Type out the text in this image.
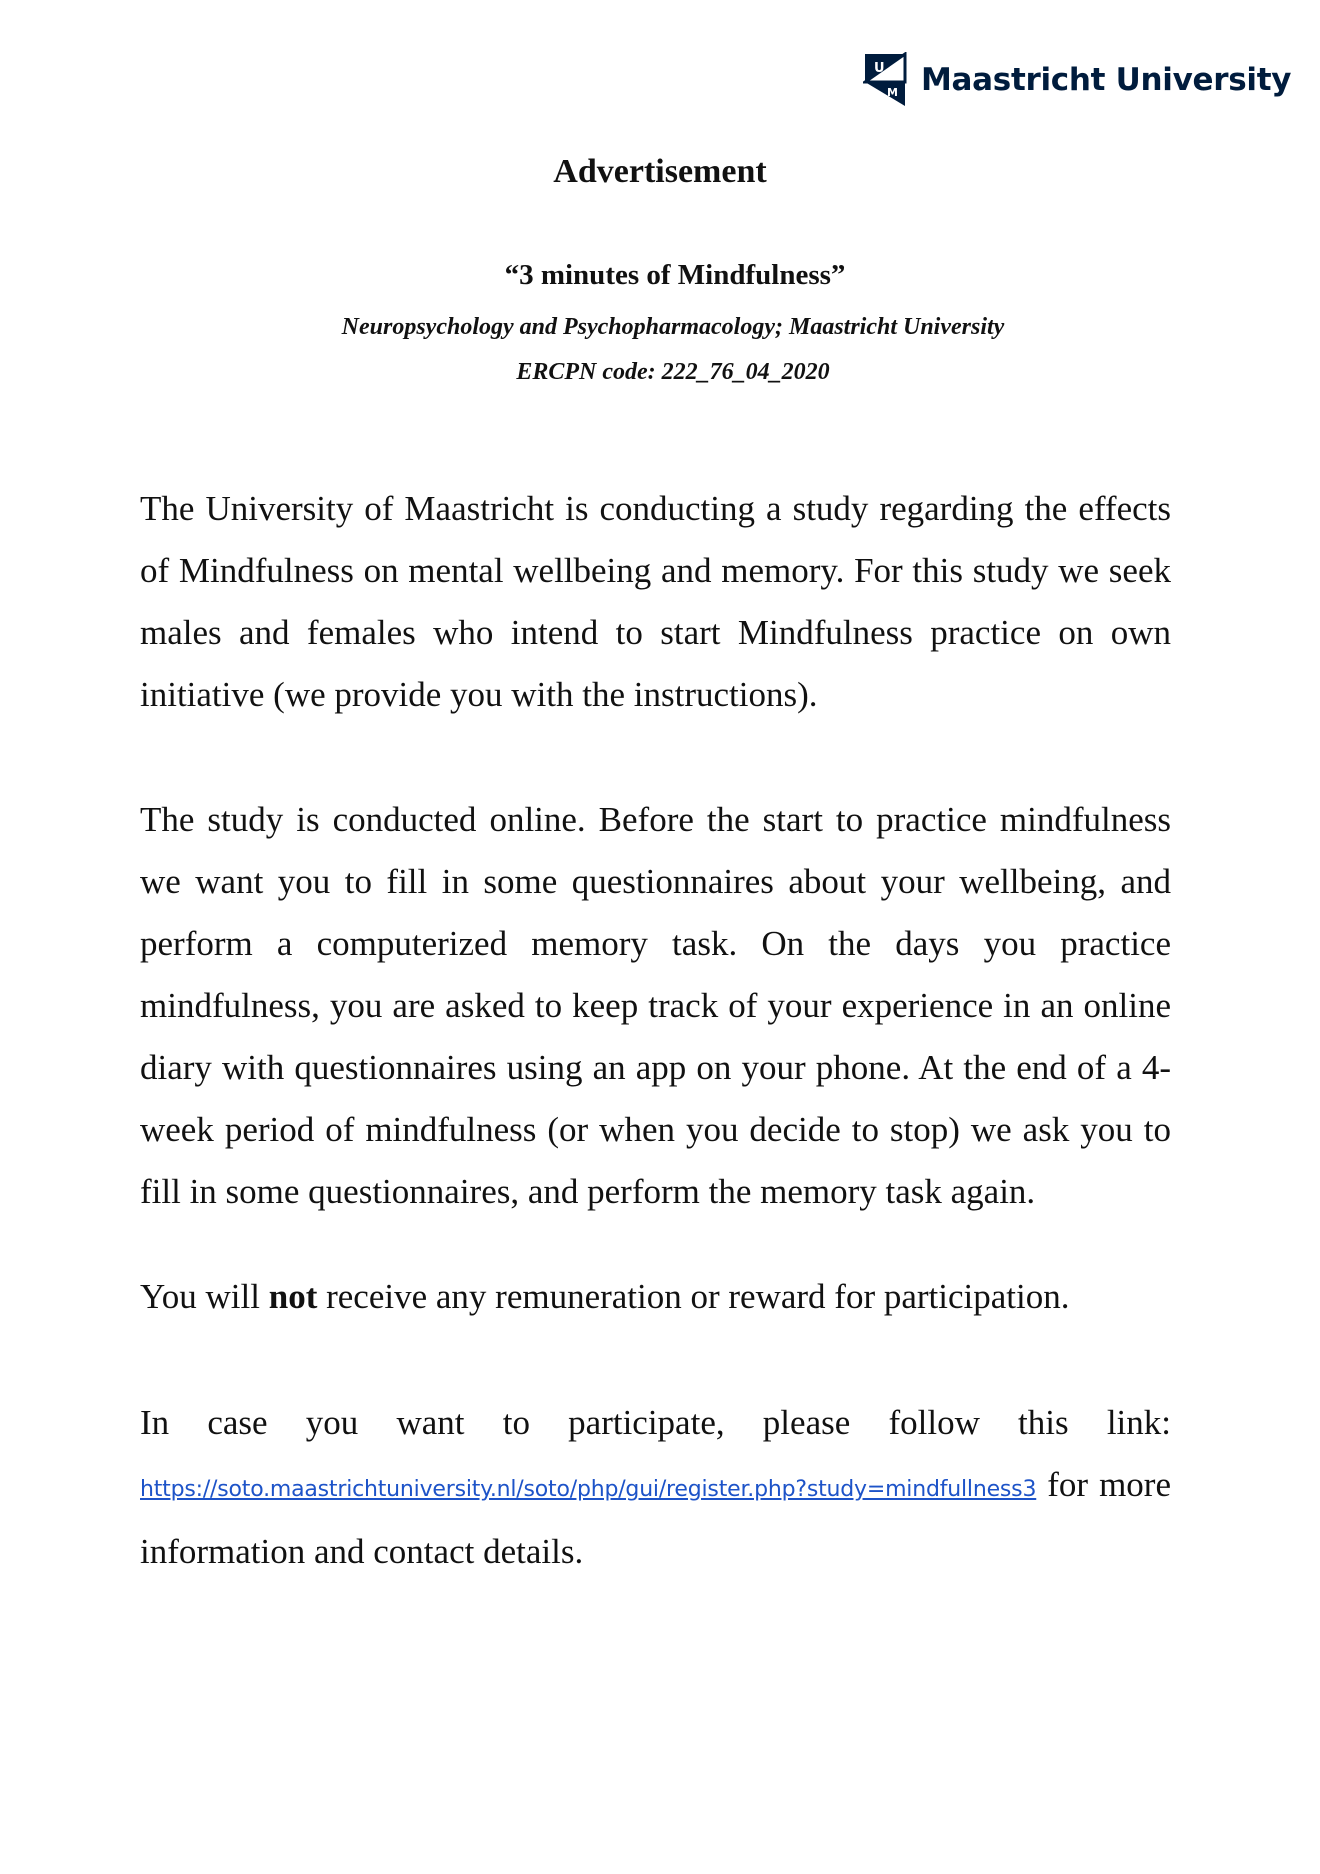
U
M Maastricht University
Advertisement
“3 minutes of Mindfulness”
Neuropsychology and Psychopharmacology; Maastricht University
ERCPN code: 222_76_04_2020

The University of Maastricht is conducting a study regarding the effects of Mindfulness on mental wellbeing and memory. For this study we seek males and females who intend to start Mindfulness practice on own initiative (we provide you with the instructions).

The study is conducted online. Before the start to practice mindfulness we want you to fill in some questionnaires about your wellbeing, and perform a computerized memory task. On the days you practice mindfulness, you are asked to keep track of your experience in an online diary with questionnaires using an app on your phone. At the end of a 4-week period of mindfulness (or when you decide to stop) we ask you to fill in some questionnaires, and perform the memory task again.

You will not receive any remuneration or reward for participation.

In case you want to participate, please follow this link: https://soto.maastrichtuniversity.nl/soto/php/gui/register.php?study=mindfullness3 for more information and contact details.
